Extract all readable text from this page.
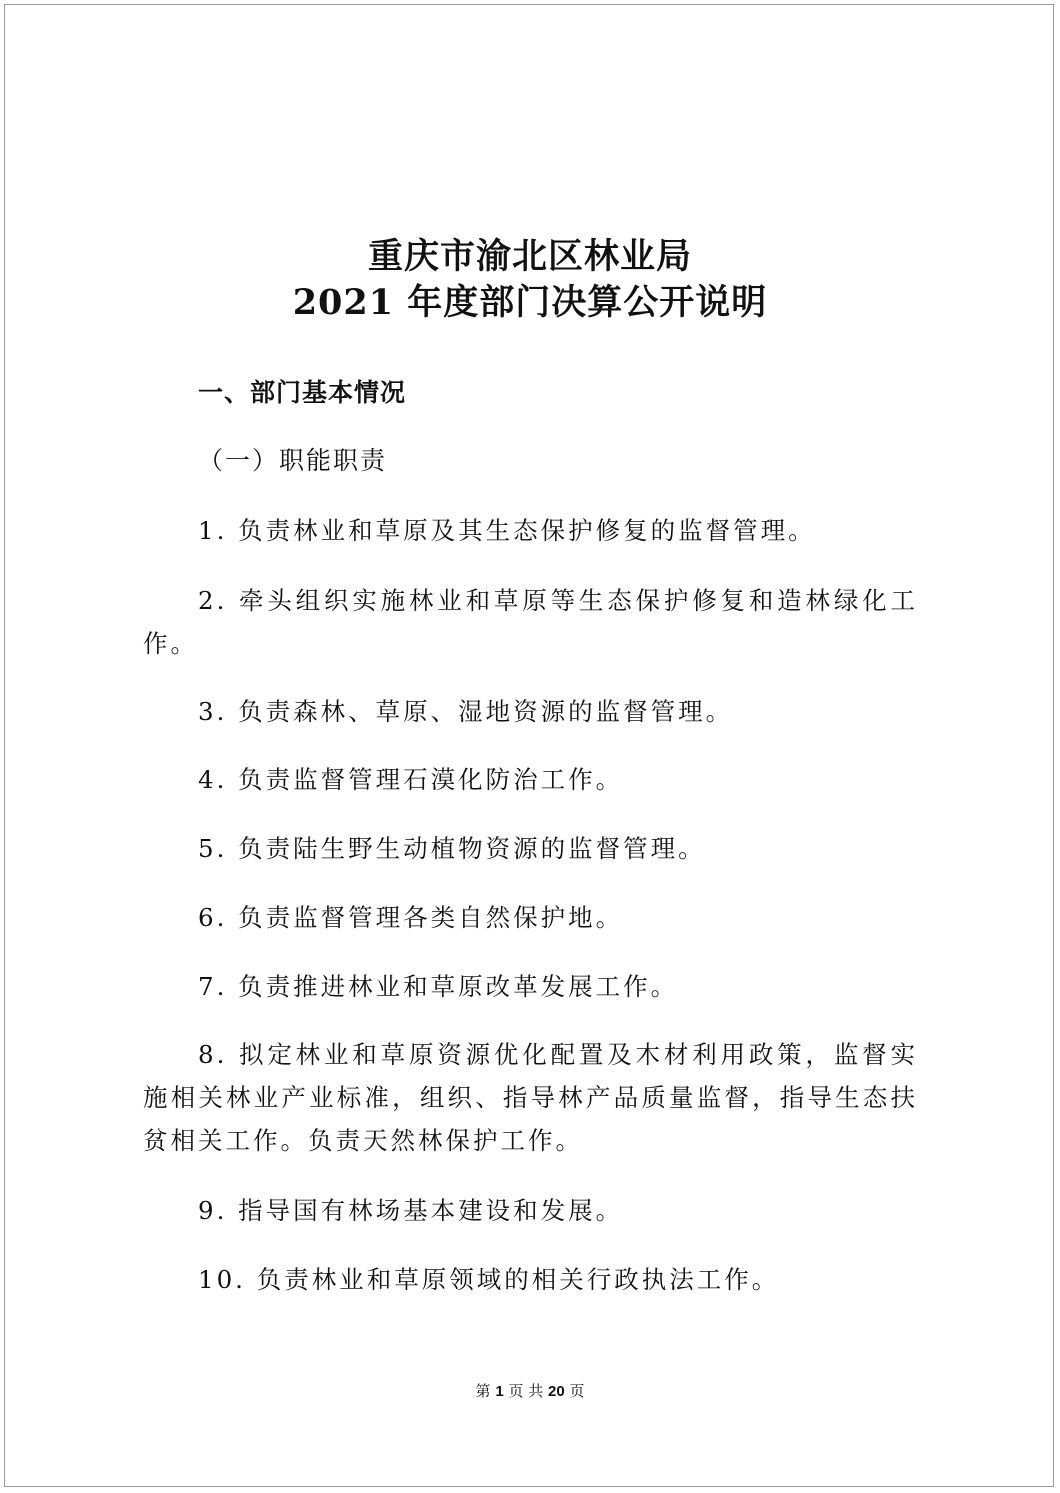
重庆市渝北区林业局
2021 年度部门决算公开说明
一、部门基本情况
（一）职能职责
1. 负责林业和草原及其生态保护修复的监督管理。
2. 牵头组织实施林业和草原等生态保护修复和造林绿化工作。
3. 负责森林、草原、湿地资源的监督管理。
4. 负责监督管理石漠化防治工作。
5. 负责陆生野生动植物资源的监督管理。
6. 负责监督管理各类自然保护地。
7. 负责推进林业和草原改革发展工作。
8. 拟定林业和草原资源优化配置及木材利用政策，监督实施相关林业产业标准，组织、指导林产品质量监督，指导生态扶贫相关工作。负责天然林保护工作。
9. 指导国有林场基本建设和发展。
10. 负责林业和草原领域的相关行政执法工作。
第 1 页 共 20 页
